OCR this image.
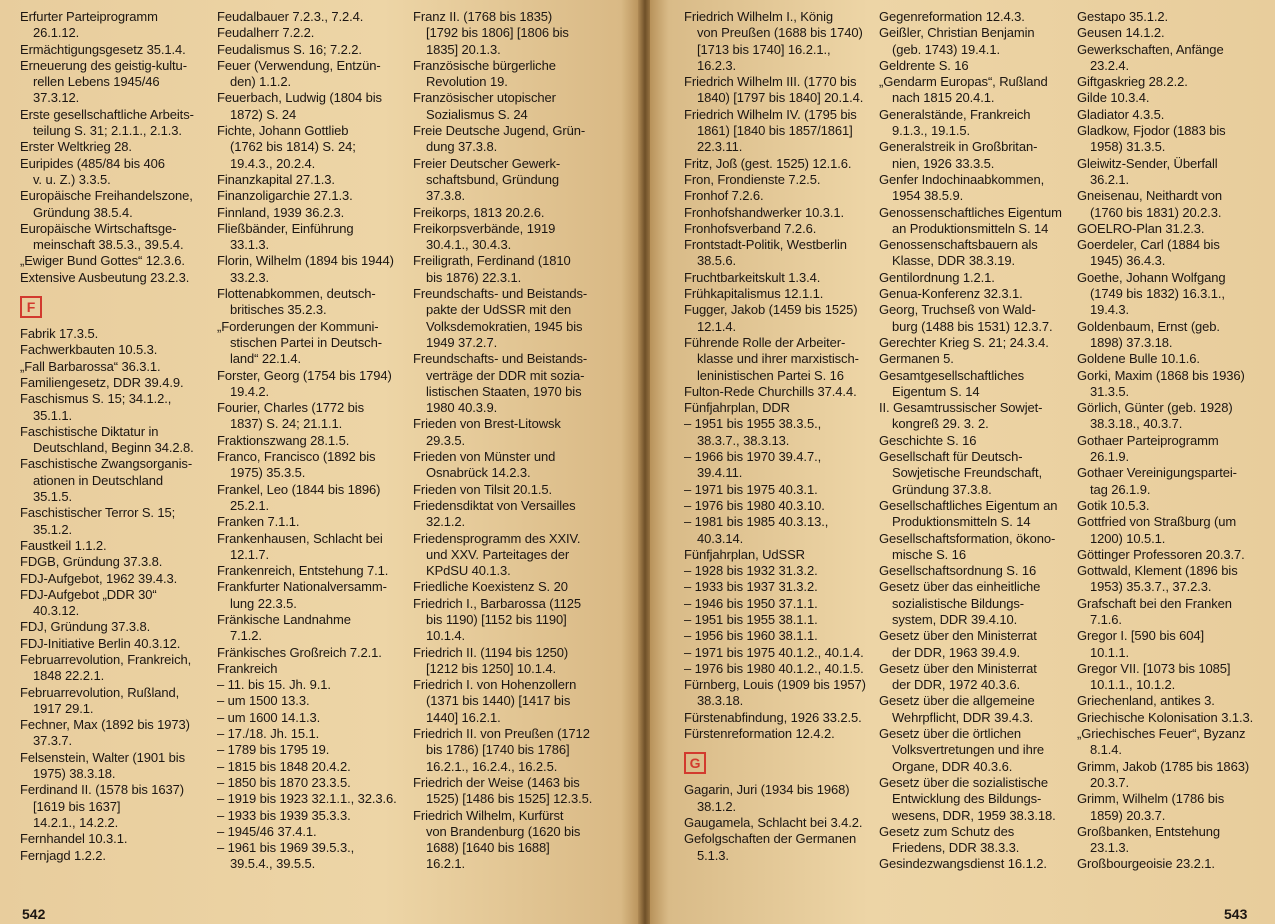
Erfurter Parteiprogramm
26.1.12.
Ermächtigungsgesetz 35.1.4.
Erneuerung des geistig-kultu-
rellen Lebens 1945/46
37.3.12.
Erste gesellschaftliche Arbeits-
teilung S. 31; 2.1.1., 2.1.3.
Erster Weltkrieg 28.
Euripides (485/84 bis 406
v. u. Z.) 3.3.5.
Europäische Freihandelszone,
Gründung 38.5.4.
Europäische Wirtschaftsge-
meinschaft 38.5.3., 39.5.4.
„Ewiger Bund Gottes“ 12.3.6.
Extensive Ausbeutung 23.2.3.
F
Fabrik 17.3.5.
Fachwerkbauten 10.5.3.
„Fall Barbarossa“ 36.3.1.
Familiengesetz, DDR 39.4.9.
Faschismus S. 15; 34.1.2.,
35.1.1.
Faschistische Diktatur in
Deutschland, Beginn 34.2.8.
Faschistische Zwangsorganis-
ationen in Deutschland
35.1.5.
Faschistischer Terror S. 15;
35.1.2.
Faustkeil 1.1.2.
FDGB, Gründung 37.3.8.
FDJ-Aufgebot, 1962 39.4.3.
FDJ-Aufgebot „DDR 30“
40.3.12.
FDJ, Gründung 37.3.8.
FDJ-Initiative Berlin 40.3.12.
Februarrevolution, Frankreich,
1848 22.2.1.
Februarrevolution, Rußland,
1917 29.1.
Fechner, Max (1892 bis 1973)
37.3.7.
Felsenstein, Walter (1901 bis
1975) 38.3.18.
Ferdinand II. (1578 bis 1637)
[1619 bis 1637]
14.2.1., 14.2.2.
Fernhandel 10.3.1.
Fernjagd 1.2.2.
Feudalbauer 7.2.3., 7.2.4.
Feudalherr 7.2.2.
Feudalismus S. 16; 7.2.2.
Feuer (Verwendung, Entzün-
den) 1.1.2.
Feuerbach, Ludwig (1804 bis
1872) S. 24
Fichte, Johann Gottlieb
(1762 bis 1814) S. 24;
19.4.3., 20.2.4.
Finanzkapital 27.1.3.
Finanzoligarchie 27.1.3.
Finnland, 1939 36.2.3.
Fließbänder, Einführung
33.1.3.
Florin, Wilhelm (1894 bis 1944)
33.2.3.
Flottenabkommen, deutsch-
britisches 35.2.3.
„Forderungen der Kommuni-
stischen Partei in Deutsch-
land“ 22.1.4.
Forster, Georg (1754 bis 1794)
19.4.2.
Fourier, Charles (1772 bis
1837) S. 24; 21.1.1.
Fraktionszwang 28.1.5.
Franco, Francisco (1892 bis
1975) 35.3.5.
Frankel, Leo (1844 bis 1896)
25.2.1.
Franken 7.1.1.
Frankenhausen, Schlacht bei
12.1.7.
Frankenreich, Entstehung 7.1.
Frankfurter Nationalversamm-
lung 22.3.5.
Fränkische Landnahme
7.1.2.
Fränkisches Großreich 7.2.1.
Frankreich
– 11. bis 15. Jh. 9.1.
– um 1500 13.3.
– um 1600 14.1.3.
– 17./18. Jh. 15.1.
– 1789 bis 1795 19.
– 1815 bis 1848 20.4.2.
– 1850 bis 1870 23.3.5.
– 1919 bis 1923 32.1.1., 32.3.6.
– 1933 bis 1939 35.3.3.
– 1945/46 37.4.1.
– 1961 bis 1969 39.5.3.,
39.5.4., 39.5.5.
Franz II. (1768 bis 1835)
[1792 bis 1806] [1806 bis
1835] 20.1.3.
Französische bürgerliche
Revolution 19.
Französischer utopischer
Sozialismus S. 24
Freie Deutsche Jugend, Grün-
dung 37.3.8.
Freier Deutscher Gewerk-
schaftsbund, Gründung
37.3.8.
Freikorps, 1813 20.2.6.
Freikorpsverbände, 1919
30.4.1., 30.4.3.
Freiligrath, Ferdinand (1810
bis 1876) 22.3.1.
Freundschafts- und Beistands-
pakte der UdSSR mit den
Volksdemokratien, 1945 bis
1949 37.2.7.
Freundschafts- und Beistands-
verträge der DDR mit sozia-
listischen Staaten, 1970 bis
1980 40.3.9.
Frieden von Brest-Litowsk
29.3.5.
Frieden von Münster und
Osnabrück 14.2.3.
Frieden von Tilsit 20.1.5.
Friedensdiktat von Versailles
32.1.2.
Friedensprogramm des XXIV.
und XXV. Parteitages der
KPdSU 40.1.3.
Friedliche Koexistenz S. 20
Friedrich I., Barbarossa (1125
bis 1190) [1152 bis 1190]
10.1.4.
Friedrich II. (1194 bis 1250)
[1212 bis 1250] 10.1.4.
Friedrich I. von Hohenzollern
(1371 bis 1440) [1417 bis
1440] 16.2.1.
Friedrich II. von Preußen (1712
bis 1786) [1740 bis 1786]
16.2.1., 16.2.4., 16.2.5.
Friedrich der Weise (1463 bis
1525) [1486 bis 1525] 12.3.5.
Friedrich Wilhelm, Kurfürst
von Brandenburg (1620 bis
1688) [1640 bis 1688]
16.2.1.
542
Friedrich Wilhelm I., König
von Preußen (1688 bis 1740)
[1713 bis 1740] 16.2.1.,
16.2.3.
Friedrich Wilhelm III. (1770 bis
1840) [1797 bis 1840] 20.1.4.
Friedrich Wilhelm IV. (1795 bis
1861) [1840 bis 1857/1861]
22.3.11.
Fritz, Joß (gest. 1525) 12.1.6.
Fron, Frondienste 7.2.5.
Fronhof 7.2.6.
Fronhofshandwerker 10.3.1.
Fronhofsverband 7.2.6.
Frontstadt-Politik, Westberlin
38.5.6.
Fruchtbarkeitskult 1.3.4.
Frühkapitalismus 12.1.1.
Fugger, Jakob (1459 bis 1525)
12.1.4.
Führende Rolle der Arbeiter-
klasse und ihrer marxistisch-
leninistischen Partei S. 16
Fulton-Rede Churchills 37.4.4.
Fünfjahrplan, DDR
– 1951 bis 1955 38.3.5.,
38.3.7., 38.3.13.
– 1966 bis 1970 39.4.7.,
39.4.11.
– 1971 bis 1975 40.3.1.
– 1976 bis 1980 40.3.10.
– 1981 bis 1985 40.3.13.,
40.3.14.
Fünfjahrplan, UdSSR
– 1928 bis 1932 31.3.2.
– 1933 bis 1937 31.3.2.
– 1946 bis 1950 37.1.1.
– 1951 bis 1955 38.1.1.
– 1956 bis 1960 38.1.1.
– 1971 bis 1975 40.1.2., 40.1.4.
– 1976 bis 1980 40.1.2., 40.1.5.
Fürnberg, Louis (1909 bis 1957)
38.3.18.
Fürstenabfindung, 1926 33.2.5.
Fürstenreformation 12.4.2.
G
Gagarin, Juri (1934 bis 1968)
38.1.2.
Gaugamela, Schlacht bei 3.4.2.
Gefolgschaften der Germanen
5.1.3.
Gegenreformation 12.4.3.
Geißler, Christian Benjamin
(geb. 1743) 19.4.1.
Geldrente S. 16
„Gendarm Europas“, Rußland
nach 1815 20.4.1.
Generalstände, Frankreich
9.1.3., 19.1.5.
Generalstreik in Großbritan-
nien, 1926 33.3.5.
Genfer Indochinaabkommen,
1954 38.5.9.
Genossenschaftliches Eigentum
an Produktionsmitteln S. 14
Genossenschaftsbauern als
Klasse, DDR 38.3.19.
Gentilordnung 1.2.1.
Genua-Konferenz 32.3.1.
Georg, Truchseß von Wald-
burg (1488 bis 1531) 12.3.7.
Gerechter Krieg S. 21; 24.3.4.
Germanen 5.
Gesamtgesellschaftliches
Eigentum S. 14
II. Gesamtrussischer Sowjet-
kongreß 29. 3. 2.
Geschichte S. 16
Gesellschaft für Deutsch-
Sowjetische Freundschaft,
Gründung 37.3.8.
Gesellschaftliches Eigentum an
Produktionsmitteln S. 14
Gesellschaftsformation, ökono-
mische S. 16
Gesellschaftsordnung S. 16
Gesetz über das einheitliche
sozialistische Bildungs-
system, DDR 39.4.10.
Gesetz über den Ministerrat
der DDR, 1963 39.4.9.
Gesetz über den Ministerrat
der DDR, 1972 40.3.6.
Gesetz über die allgemeine
Wehrpflicht, DDR 39.4.3.
Gesetz über die örtlichen
Volksvertretungen und ihre
Organe, DDR 40.3.6.
Gesetz über die sozialistische
Entwicklung des Bildungs-
wesens, DDR, 1959 38.3.18.
Gesetz zum Schutz des
Friedens, DDR 38.3.3.
Gesindezwangsdienst 16.1.2.
Gestapo 35.1.2.
Geusen 14.1.2.
Gewerkschaften, Anfänge
23.2.4.
Giftgaskrieg 28.2.2.
Gilde 10.3.4.
Gladiator 4.3.5.
Gladkow, Fjodor (1883 bis
1958) 31.3.5.
Gleiwitz-Sender, Überfall
36.2.1.
Gneisenau, Neithardt von
(1760 bis 1831) 20.2.3.
GOELRO-Plan 31.2.3.
Goerdeler, Carl (1884 bis
1945) 36.4.3.
Goethe, Johann Wolfgang
(1749 bis 1832) 16.3.1.,
19.4.3.
Goldenbaum, Ernst (geb.
1898) 37.3.18.
Goldene Bulle 10.1.6.
Gorki, Maxim (1868 bis 1936)
31.3.5.
Görlich, Günter (geb. 1928)
38.3.18., 40.3.7.
Gothaer Parteiprogramm
26.1.9.
Gothaer Vereinigungspartei-
tag 26.1.9.
Gotik 10.5.3.
Gottfried von Straßburg (um
1200) 10.5.1.
Göttinger Professoren 20.3.7.
Gottwald, Klement (1896 bis
1953) 35.3.7., 37.2.3.
Grafschaft bei den Franken
7.1.6.
Gregor I. [590 bis 604]
10.1.1.
Gregor VII. [1073 bis 1085]
10.1.1., 10.1.2.
Griechenland, antikes 3.
Griechische Kolonisation 3.1.3.
„Griechisches Feuer“, Byzanz
8.1.4.
Grimm, Jakob (1785 bis 1863)
20.3.7.
Grimm, Wilhelm (1786 bis
1859) 20.3.7.
Großbanken, Entstehung
23.1.3.
Großbourgeoisie 23.2.1.
543
